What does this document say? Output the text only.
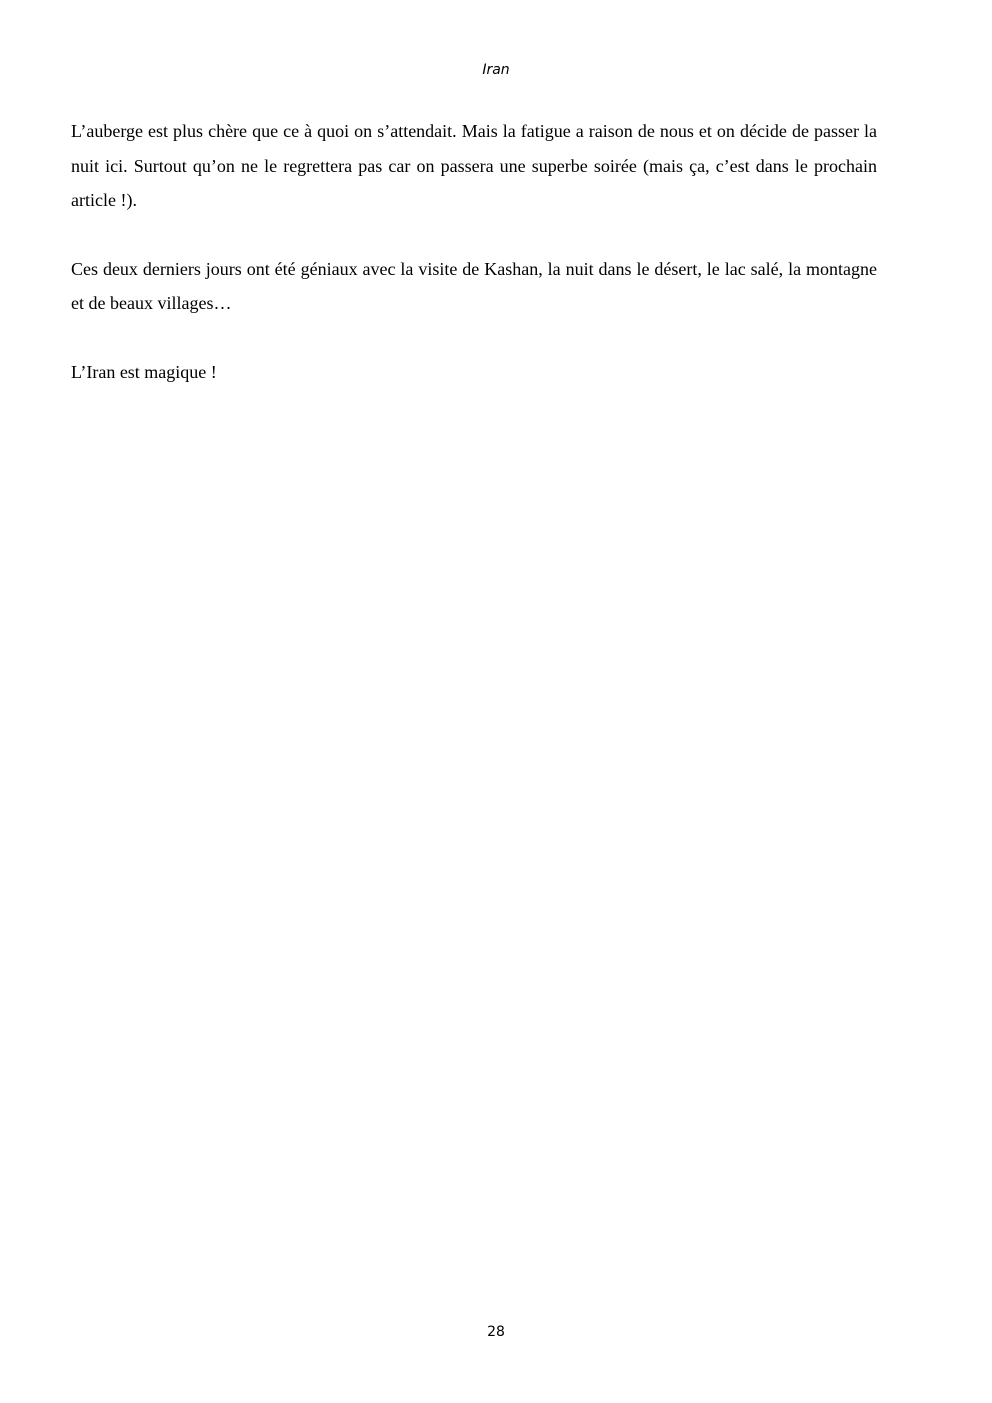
Iran

L’auberge est plus chère que ce à quoi on s’attendait. Mais la fatigue a raison de nous et on décide de passer la nuit ici. Surtout qu’on ne le regrettera pas car on passera une superbe soirée (mais ça, c’est dans le prochain article !).

Ces deux derniers jours ont été géniaux avec la visite de Kashan, la nuit dans le désert, le lac salé, la montagne et de beaux villages…

L’Iran est magique !

28
